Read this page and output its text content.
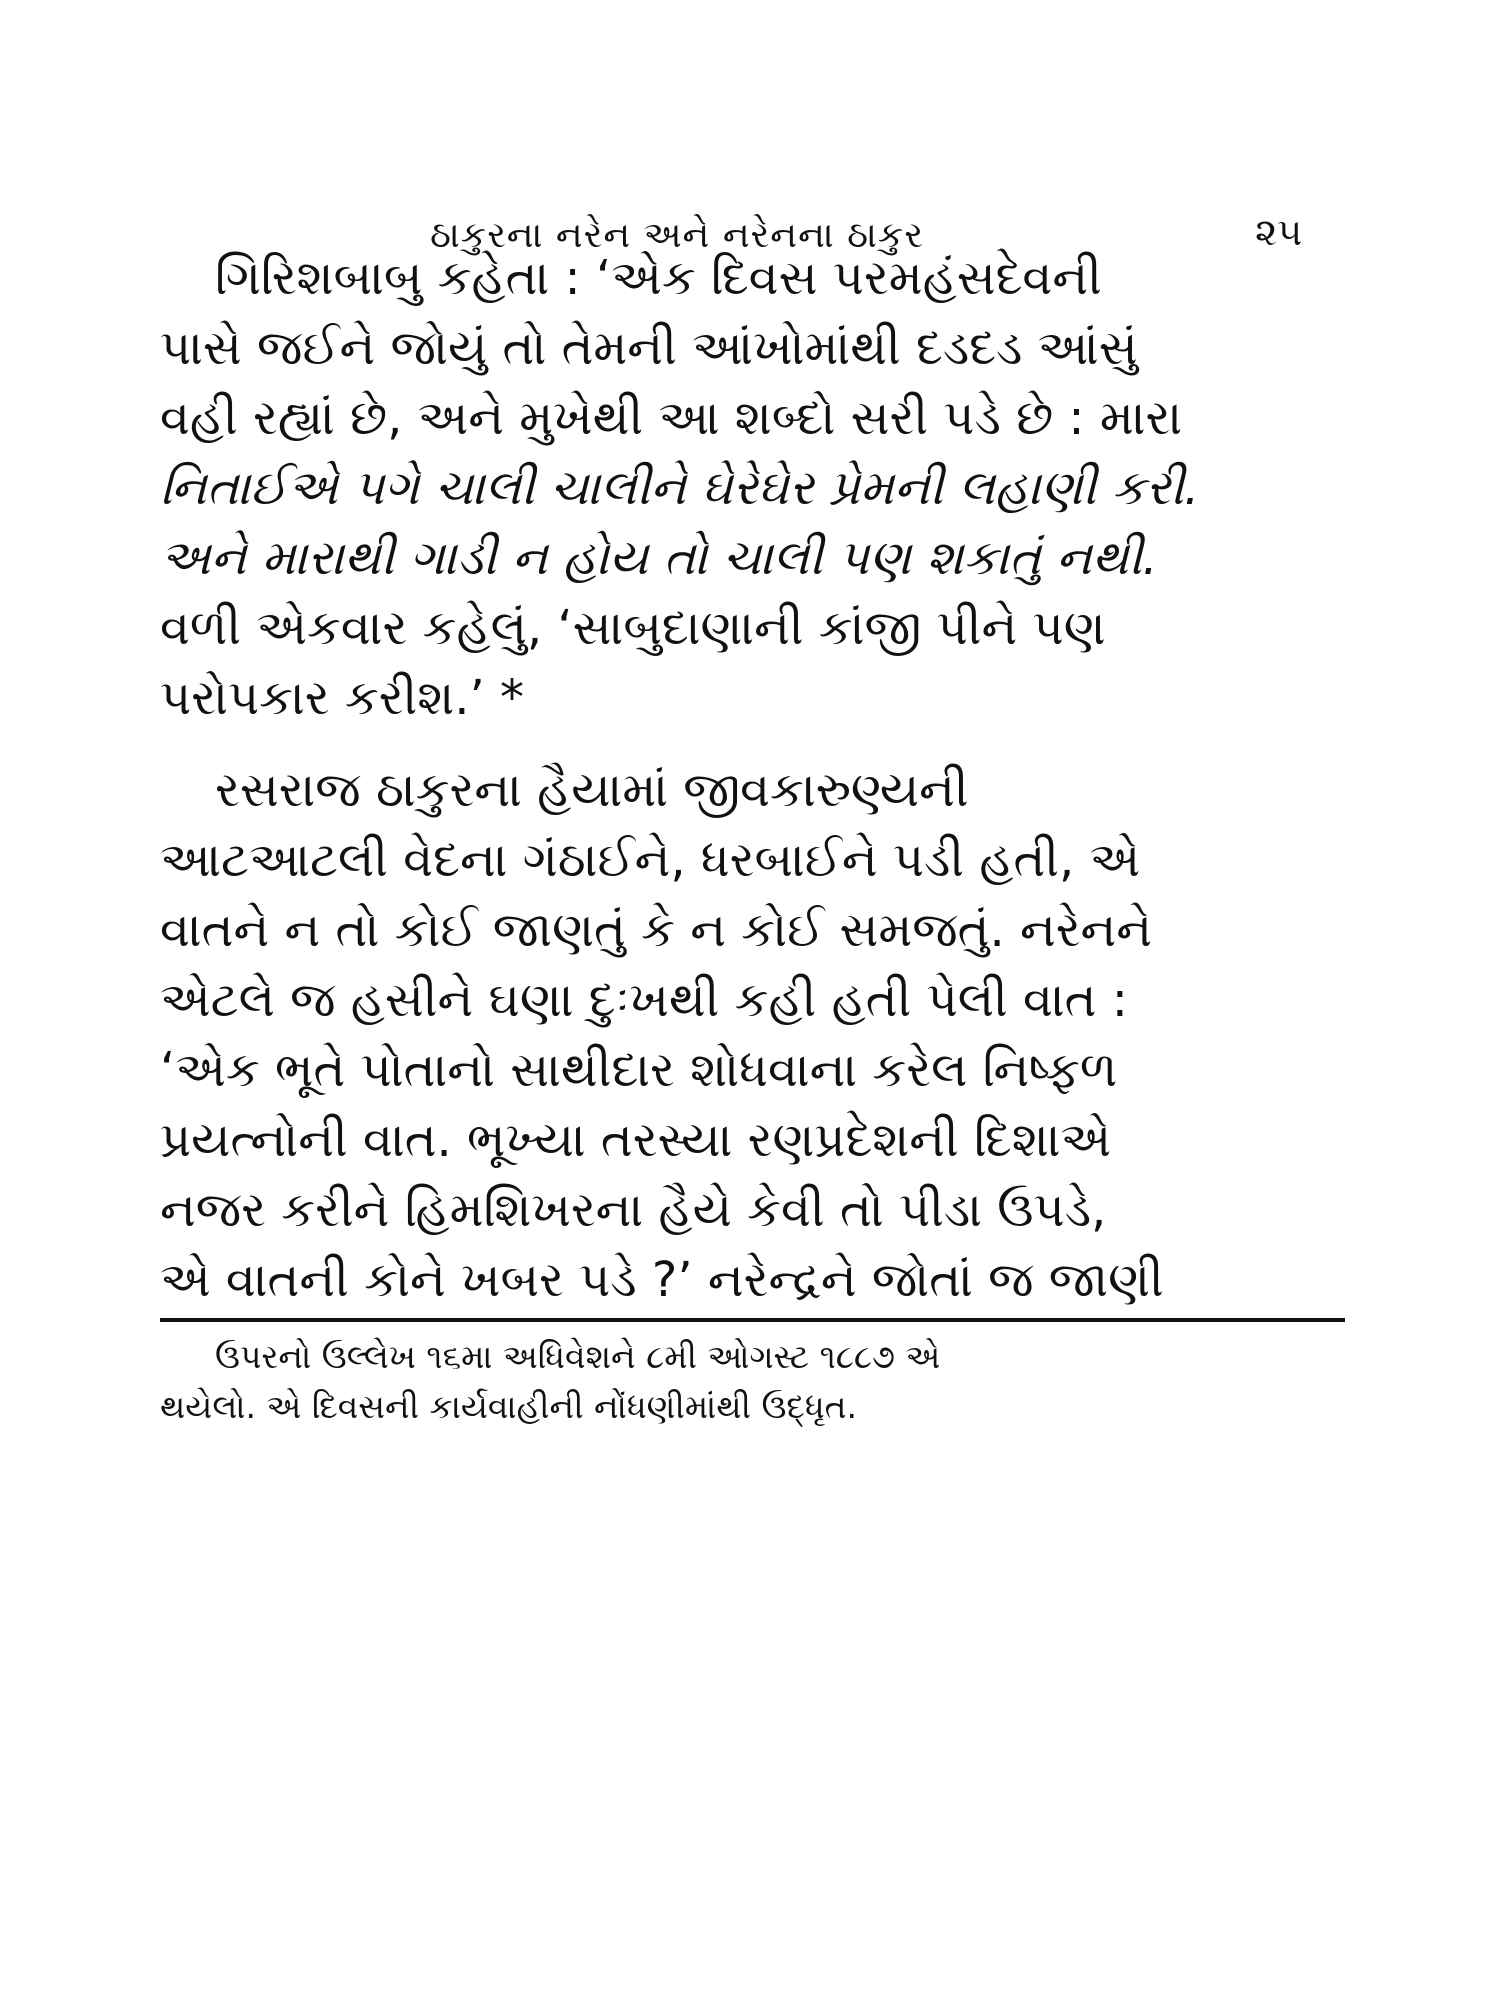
ઠાકુરના નરેન અને નરેનના ઠાકુર	૨૫
ગિરિશબાબુ કહેતા : ‘એક દિવસ પરમહંસદેવની
પાસે જઈને જોયું તો તેમની આંખોમાંથી દડદડ આંસું
વહી રહ્યાં છે, અને મુખેથી આ શબ્દો સરી પડે છે : મારા
નિતાઈએ પગે ચાલી ચાલીને ઘેરેઘેર પ્રેમની લહાણી કરી.
અને મારાથી ગાડી ન હોય તો ચાલી પણ શકાતું નથી.
વળી એકવાર કહેલું, ‘સાબુદાણાની કાંજી પીને પણ
પરોપકાર કરીશ.’ *
રસરાજ ઠાકુરના હૈયામાં જીવકારુણ્યની
આટઆટલી વેદના ગંઠાઈને, ધરબાઈને પડી હતી, એ
વાતને ન તો કોઈ જાણતું કે ન કોઈ સમજતું. નરેનને
એટલે જ હસીને ઘણા દુઃખથી કહી હતી પેલી વાત :
‘એક ભૂતે પોતાનો સાથીદાર શોધવાના કરેલ નિષ્ફળ
પ્રયત્નોની વાત. ભૂખ્યા તરસ્યા રણપ્રદેશની દિશાએ
નજર કરીને હિમશિખરના હૈયે કેવી તો પીડા ઉપડે,
એ વાતની કોને ખબર પડે ?’ નરેન્દ્રને જોતાં જ જાણી
ઉપરનો ઉલ્લેખ ૧૬મા અધિવેશને ૮મી ઓગસ્ટ ૧૮૮૭ એ
થયેલો. એ દિવસની કાર્યવાહીની નોંધણીમાંથી ઉદ્ધૃત.
